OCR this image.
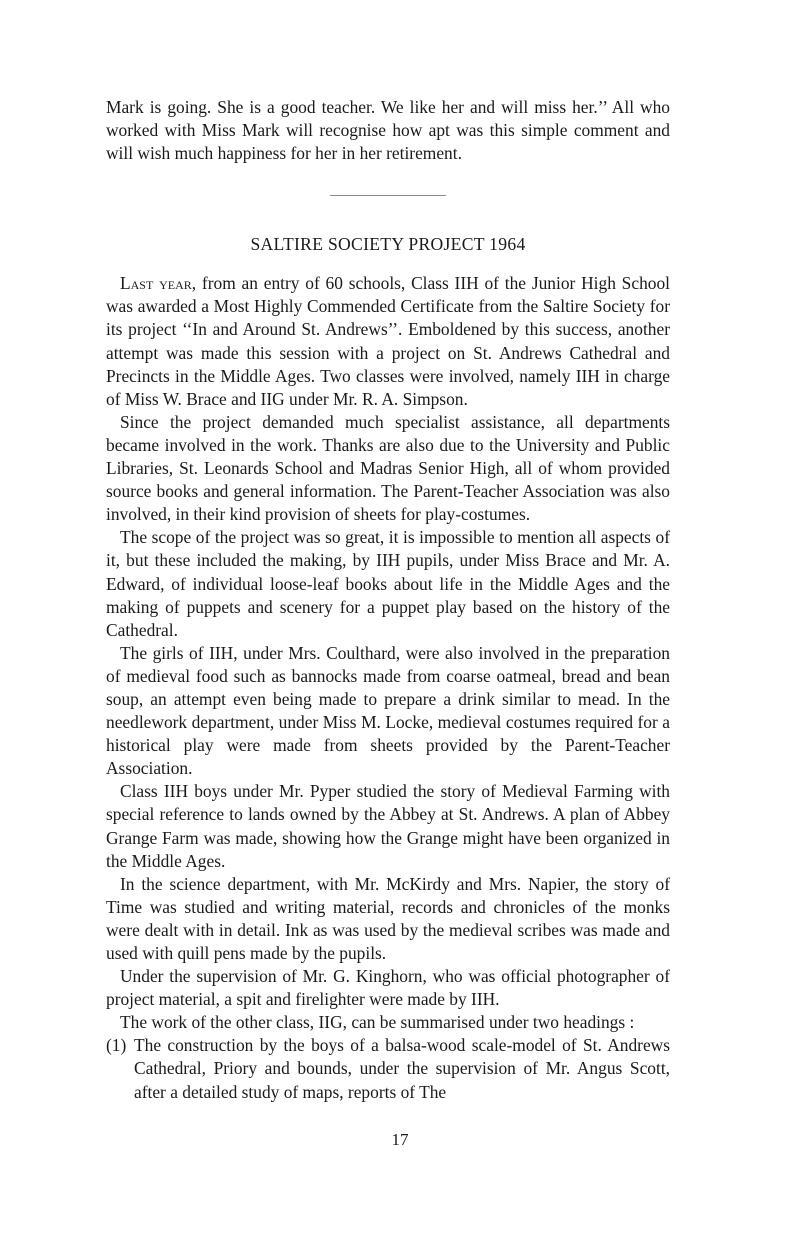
Mark is going. She is a good teacher. We like her and will miss her.’’ All who worked with Miss Mark will recognise how apt was this simple comment and will wish much happiness for her in her retirement.

SALTIRE SOCIETY PROJECT 1964

Last year, from an entry of 60 schools, Class IIH of the Junior High School was awarded a Most Highly Commended Certificate from the Saltire Society for its project ‘‘In and Around St. Andrews’’. Emboldened by this success, another attempt was made this session with a project on St. Andrews Cathedral and Precincts in the Middle Ages. Two classes were involved, namely IIH in charge of Miss W. Brace and IIG under Mr. R. A. Simpson.

Since the project demanded much specialist assistance, all departments became involved in the work. Thanks are also due to the University and Public Libraries, St. Leonards School and Madras Senior High, all of whom provided source books and general information. The Parent-Teacher Association was also involved, in their kind provision of sheets for play-costumes.

The scope of the project was so great, it is impossible to mention all aspects of it, but these included the making, by IIH pupils, under Miss Brace and Mr. A. Edward, of individual loose-leaf books about life in the Middle Ages and the making of puppets and scenery for a puppet play based on the history of the Cathedral.

The girls of IIH, under Mrs. Coulthard, were also involved in the preparation of medieval food such as bannocks made from coarse oatmeal, bread and bean soup, an attempt even being made to prepare a drink similar to mead. In the needlework department, under Miss M. Locke, medieval costumes required for a historical play were made from sheets provided by the Parent-Teacher Association.

Class IIH boys under Mr. Pyper studied the story of Medieval Farming with special reference to lands owned by the Abbey at St. Andrews. A plan of Abbey Grange Farm was made, showing how the Grange might have been organized in the Middle Ages.

In the science department, with Mr. McKirdy and Mrs. Napier, the story of Time was studied and writing material, records and chronicles of the monks were dealt with in detail. Ink as was used by the medieval scribes was made and used with quill pens made by the pupils.

Under the supervision of Mr. G. Kinghorn, who was official photographer of project material, a spit and firelighter were made by IIH.

The work of the other class, IIG, can be summarised under two headings :

(1) The construction by the boys of a balsa-wood scale-model of St. Andrews Cathedral, Priory and bounds, under the supervision of Mr. Angus Scott, after a detailed study of maps, reports of The
17
